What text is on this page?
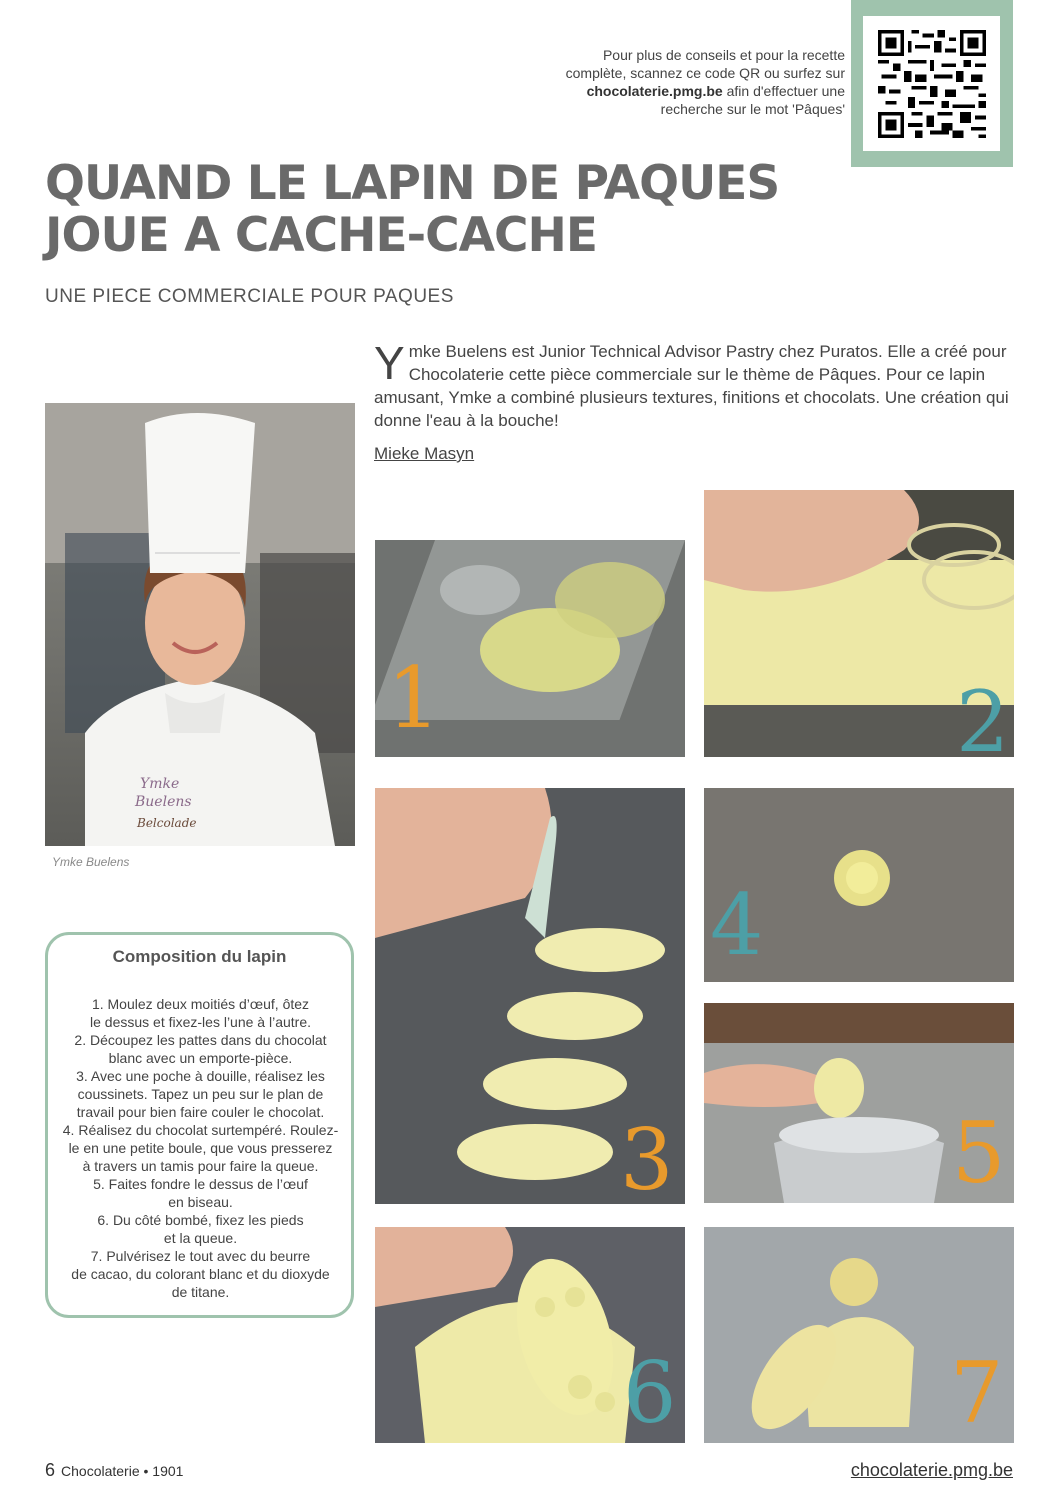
Pour plus de conseils et pour la recette
complète, scannez ce code QR ou surfez sur
chocolaterie.pmg.be afin d'effectuer une
recherche sur le mot 'Pâques'
QUAND LE LAPIN DE PAQUES
JOUE A CACHE-CACHE
UNE PIECE COMMERCIALE POUR PAQUES
Ymke Buelens est Junior Technical Advisor Pastry chez Puratos. Elle a créé pour Chocolaterie cette pièce commerciale sur le thème de Pâques. Pour ce lapin amusant, Ymke a combiné plusieurs textures, finitions et chocolats. Une création qui donne l'eau à la bouche!
Mieke Masyn
Ymke
Buelens
Belcolade
Ymke Buelens
Composition du lapin
1. Moulez deux moitiés d’œuf, ôtez
le dessus et fixez-les l’une à l’autre.
2. Découpez les pattes dans du chocolat
blanc avec un emporte-pièce.
3. Avec une poche à douille, réalisez les
coussinets. Tapez un peu sur le plan de
travail pour bien faire couler le chocolat.
4. Réalisez du chocolat surtempéré. Roulez-
le en une petite boule, que vous presserez
à travers un tamis pour faire la queue.
5. Faites fondre le dessus de l’œuf
en biseau.
6. Du côté bombé, fixez les pieds
et la queue.
7. Pulvérisez le tout avec du beurre
de cacao, du colorant blanc et du dioxyde
de titane.
1	2
3
4
5
6	7
6 Chocolaterie • 1901	chocolaterie.pmg.be
